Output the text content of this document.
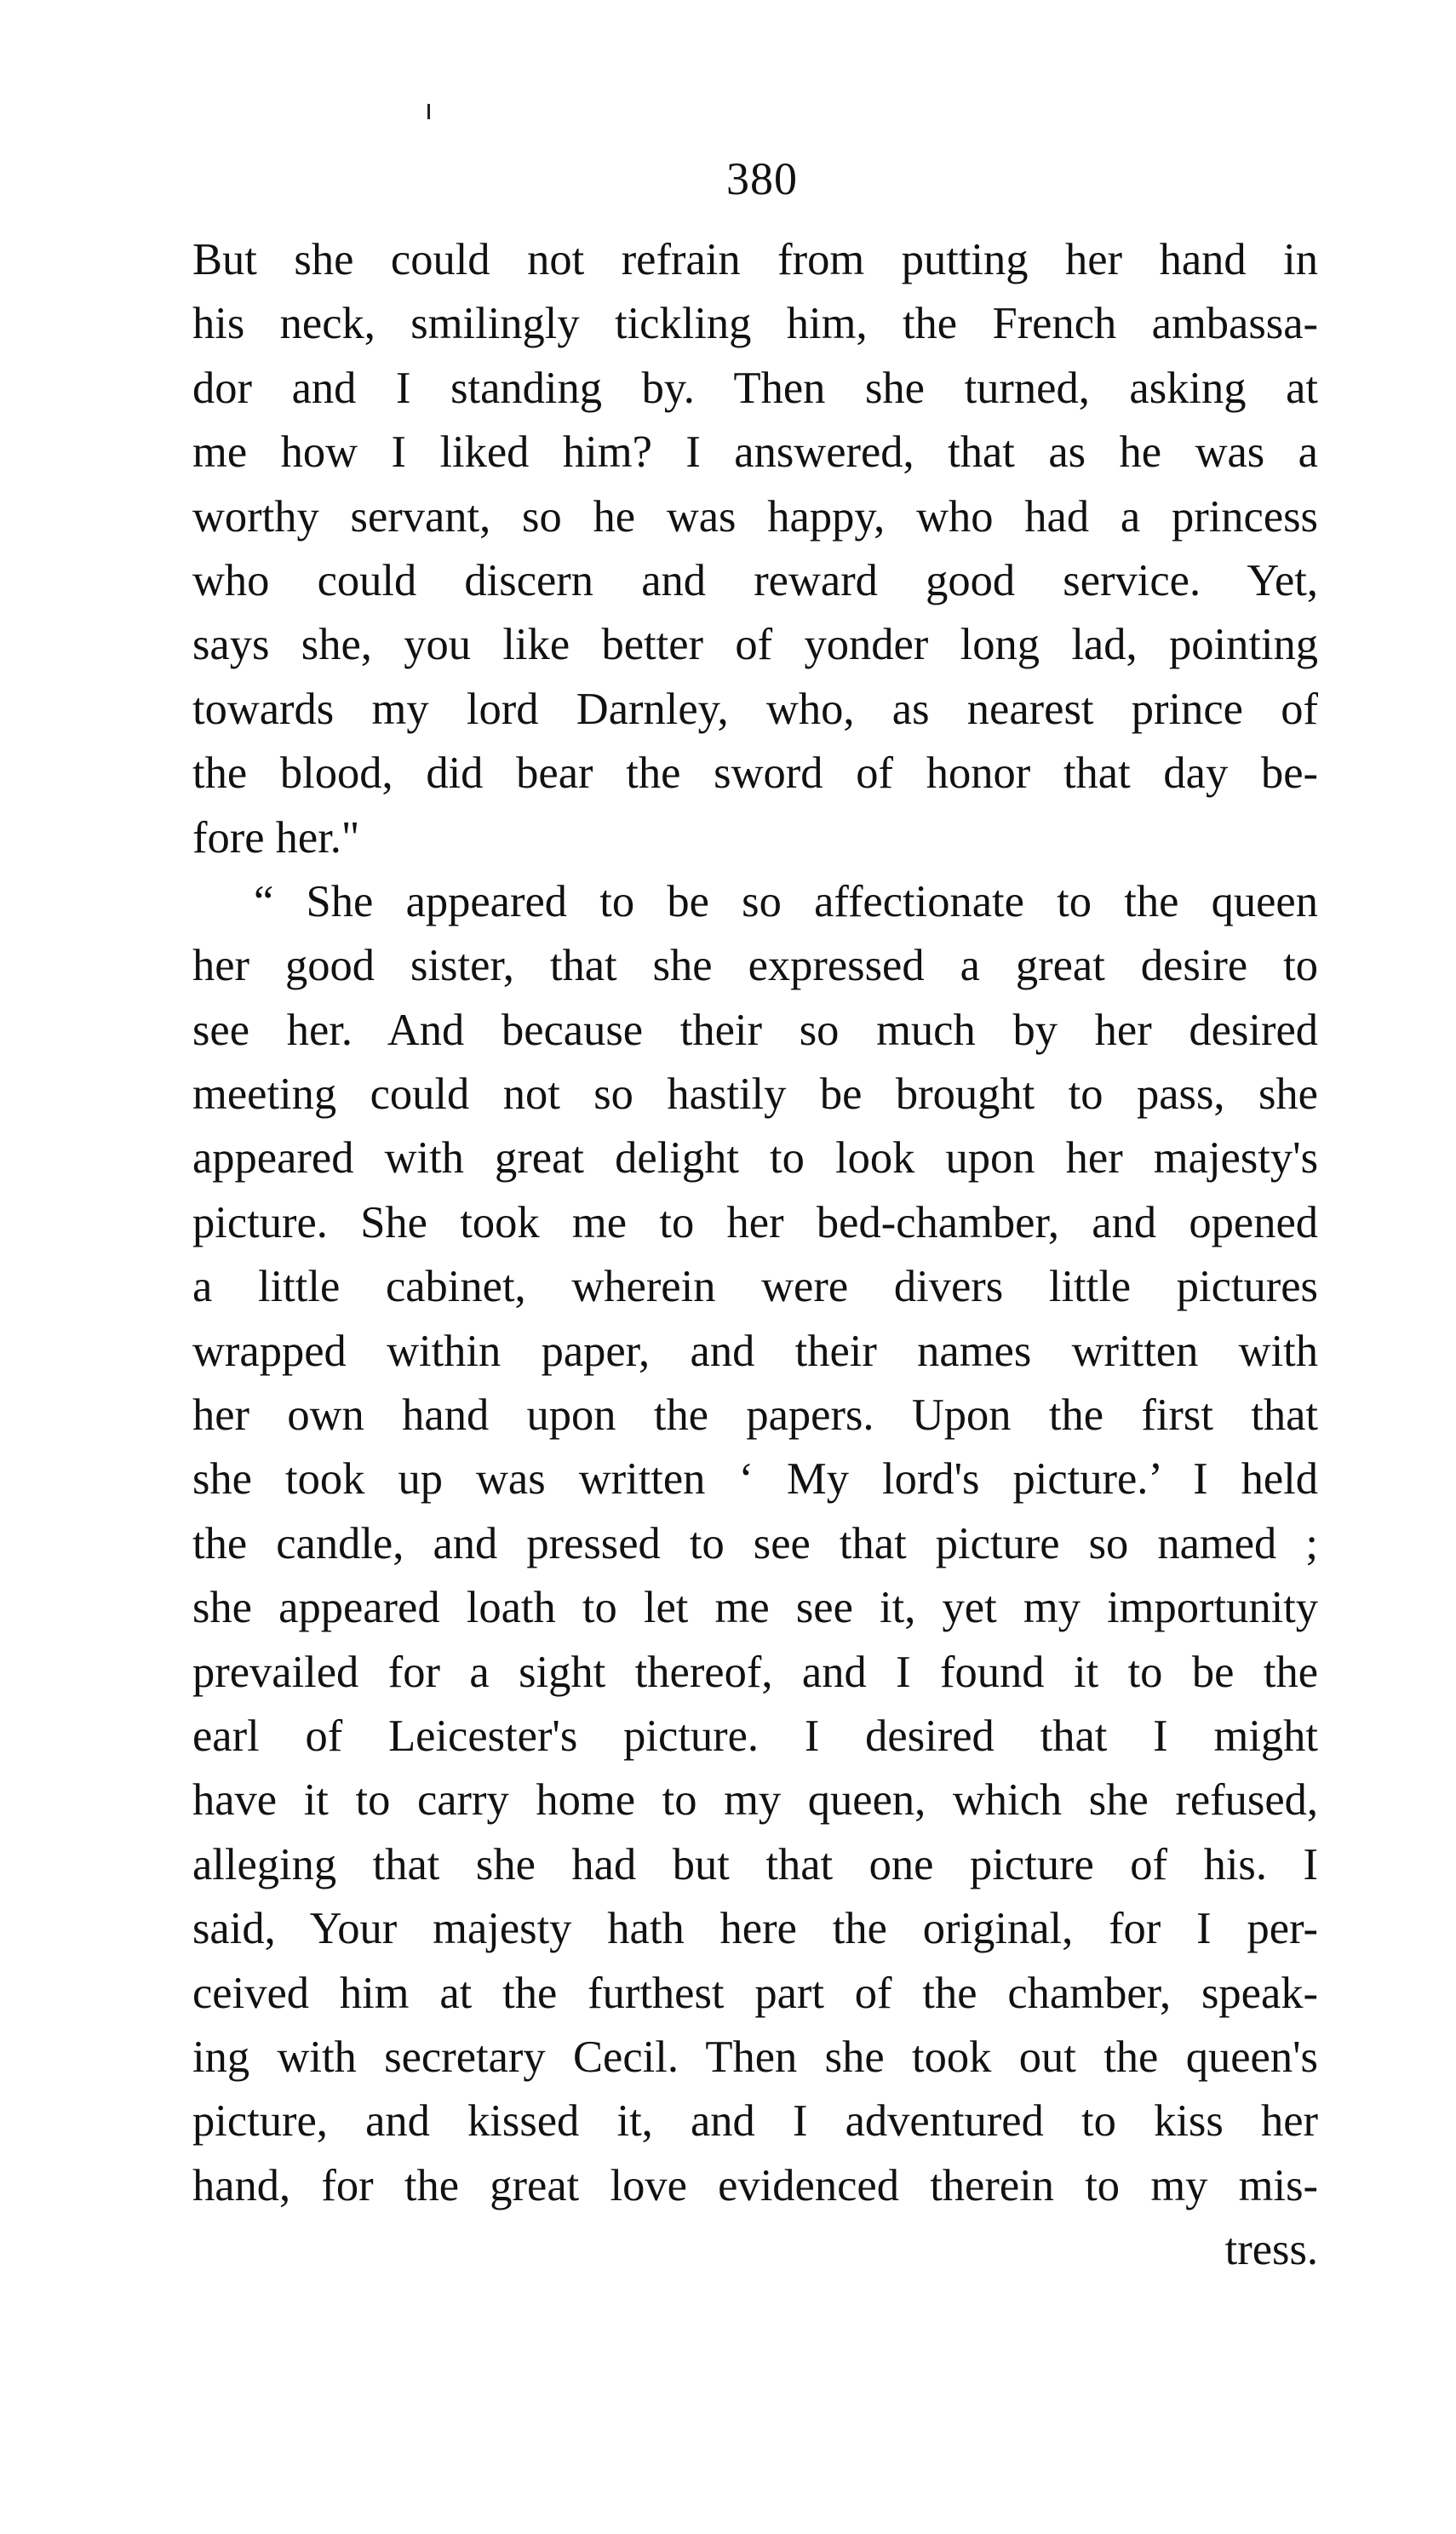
380
But she could not refrain from putting her hand in
his neck, smilingly tickling him, the French ambassa-
dor and I standing by. Then she turned, asking at
me how I liked him? I answered, that as he was a
worthy servant, so he was happy, who had a princess
who could discern and reward good service. Yet,
says she, you like better of yonder long lad, pointing
towards my lord Darnley, who, as nearest prince of
the blood, did bear the sword of honor that day be-
fore her."
“ She appeared to be so affectionate to the queen
her good sister, that she expressed a great desire to
see her. And because their so much by her desired
meeting could not so hastily be brought to pass, she
appeared with great delight to look upon her majesty's
picture. She took me to her bed-chamber, and opened
a little cabinet, wherein were divers little pictures
wrapped within paper, and their names written with
her own hand upon the papers. Upon the first that
she took up was written ‘ My lord's picture.’ I held
the candle, and pressed to see that picture so named ;
she appeared loath to let me see it, yet my importunity
prevailed for a sight thereof, and I found it to be the
earl of Leicester's picture. I desired that I might
have it to carry home to my queen, which she refused,
alleging that she had but that one picture of his. I
said, Your majesty hath here the original, for I per-
ceived him at the furthest part of the chamber, speak-
ing with secretary Cecil. Then she took out the queen's
picture, and kissed it, and I adventured to kiss her
hand, for the great love evidenced therein to my mis-
tress.
